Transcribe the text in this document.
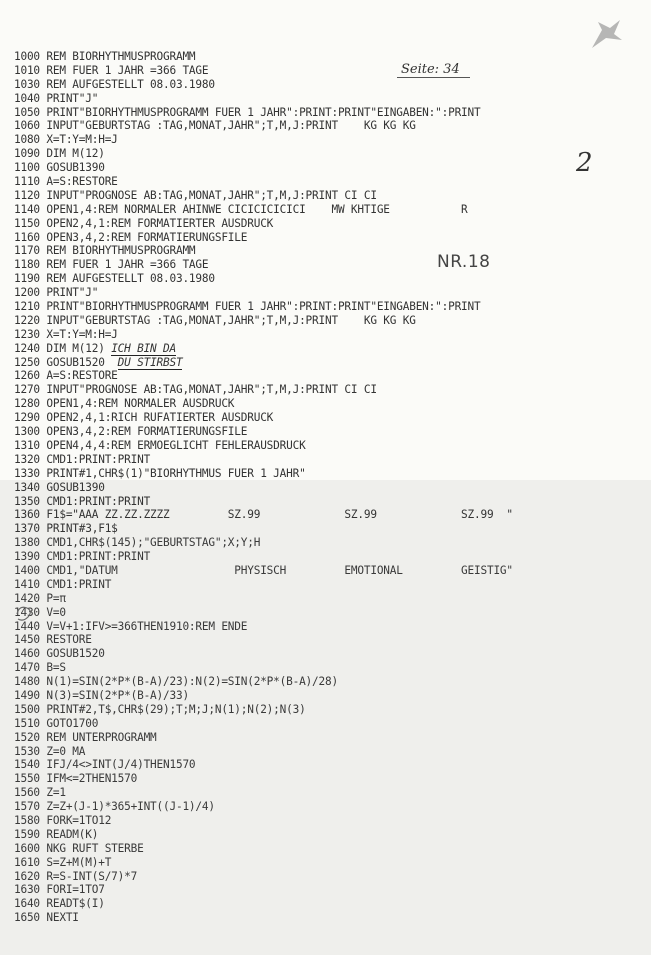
Seite: 34
2
NR.18
1000 REM BIORHYTHMUSPROGRAMM
1010 REM FUER 1 JAHR =366 TAGE
1030 REM AUFGESTELLT 08.03.1980
1040 PRINT"J"
1050 PRINT"BIORHYTHMUSPROGRAMM FUER 1 JAHR":PRINT:PRINT"EINGABEN:":PRINT
1060 INPUT"GEBURTSTAG :TAG,MONAT,JAHR";T,M,J:PRINT    KG KG KG
1080 X=T:Y=M:H=J
1090 DIM M(12)
1100 GOSUB1390
1110 A=S:RESTORE
1120 INPUT"PROGNOSE AB:TAG,MONAT,JAHR";T,M,J:PRINT CI CI
1140 OPEN1,4:REM NORMALER AHINWE CICICICICICI    MW KHTIGE           R
1150 OPEN2,4,1:REM FORMATIERTER AUSDRUCK
1160 OPEN3,4,2:REM FORMATIERUNGSFILE
1170 REM BIORHYTHMUSPROGRAMM
1180 REM FUER 1 JAHR =366 TAGE
1190 REM AUFGESTELLT 08.03.1980
1200 PRINT"J"
1210 PRINT"BIORHYTHMUSPROGRAMM FUER 1 JAHR":PRINT:PRINT"EINGABEN:":PRINT
1220 INPUT"GEBURTSTAG :TAG,MONAT,JAHR";T,M,J:PRINT    KG KG KG
1230 X=T:Y=M:H=J
1240 DIM M(12) ICH BIN DA
1250 GOSUB1520  DU STIRBST
1260 A=S:RESTORE
1270 INPUT"PROGNOSE AB:TAG,MONAT,JAHR";T,M,J:PRINT CI CI
1280 OPEN1,4:REM NORMALER AUSDRUCK
1290 OPEN2,4,1:RICH RUFATIERTER AUSDRUCK
1300 OPEN3,4,2:REM FORMATIERUNGSFILE
1310 OPEN4,4,4:REM ERMOEGLICHT FEHLERAUSDRUCK
1320 CMD1:PRINT:PRINT
1330 PRINT#1,CHR$(1)"BIORHYTHMUS FUER 1 JAHR"
1340 GOSUB1390
1350 CMD1:PRINT:PRINT
1360 F1$="AAA ZZ.ZZ.ZZZZ         SZ.99             SZ.99             SZ.99  "
1370 PRINT#3,F1$
1380 CMD1,CHR$(145);"GEBURTSTAG";X;Y;H
1390 CMD1:PRINT:PRINT
1400 CMD1,"DATUM                  PHYSISCH         EMOTIONAL         GEISTIG"
1410 CMD1:PRINT
1420 P=π
1430 V=0
1440 V=V+1:IFV>=366THEN1910:REM ENDE
1450 RESTORE
1460 GOSUB1520
1470 B=S
1480 N(1)=SIN(2*P*(B-A)/23):N(2)=SIN(2*P*(B-A)/28)
1490 N(3)=SIN(2*P*(B-A)/33)
1500 PRINT#2,T$,CHR$(29);T;M;J;N(1);N(2);N(3)
1510 GOTO1700
1520 REM UNTERPROGRAMM
1530 Z=0 MA
1540 IFJ/4<>INT(J/4)THEN1570
1550 IFM<=2THEN1570
1560 Z=1
1570 Z=Z+(J-1)*365+INT((J-1)/4)
1580 FORK=1TO12
1590 READM(K)
1600 NKG RUFT STERBE
1610 S=Z+M(M)+T
1620 R=S-INT(S/7)*7
1630 FORI=1TO7
1640 READT$(I)
1650 NEXTI
